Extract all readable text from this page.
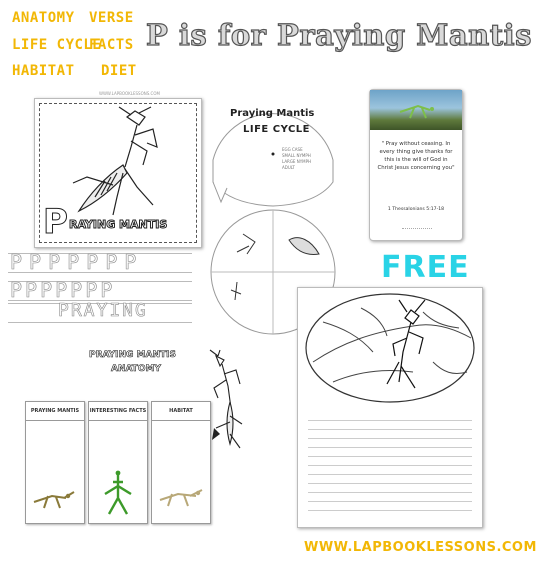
ANATOMY VERSE
LIFE CYCLE
FACTS
HABITAT DIET
P is for Praying Mantis
WWW.LAPBOOKLESSONS.COM
P RAYING MANTIS
Praying Mantis
LIFE CYCLE
EGG CASE
SMALL NYMPH
LARGE NYMPH
ADULT
" Pray without ceasing. In every thing give thanks for this is the will of God in Christ Jesus concerning you"
1 Thessalonians 5:17-18
PPPPPPP
PPPPPPP
PRAYING
PRAYING MANTIS
ANATOMY
PRAYING MANTIS	INTERESTING FACTS	HABITAT
FREE
WWW.LAPBOOKLESSONS.COM
